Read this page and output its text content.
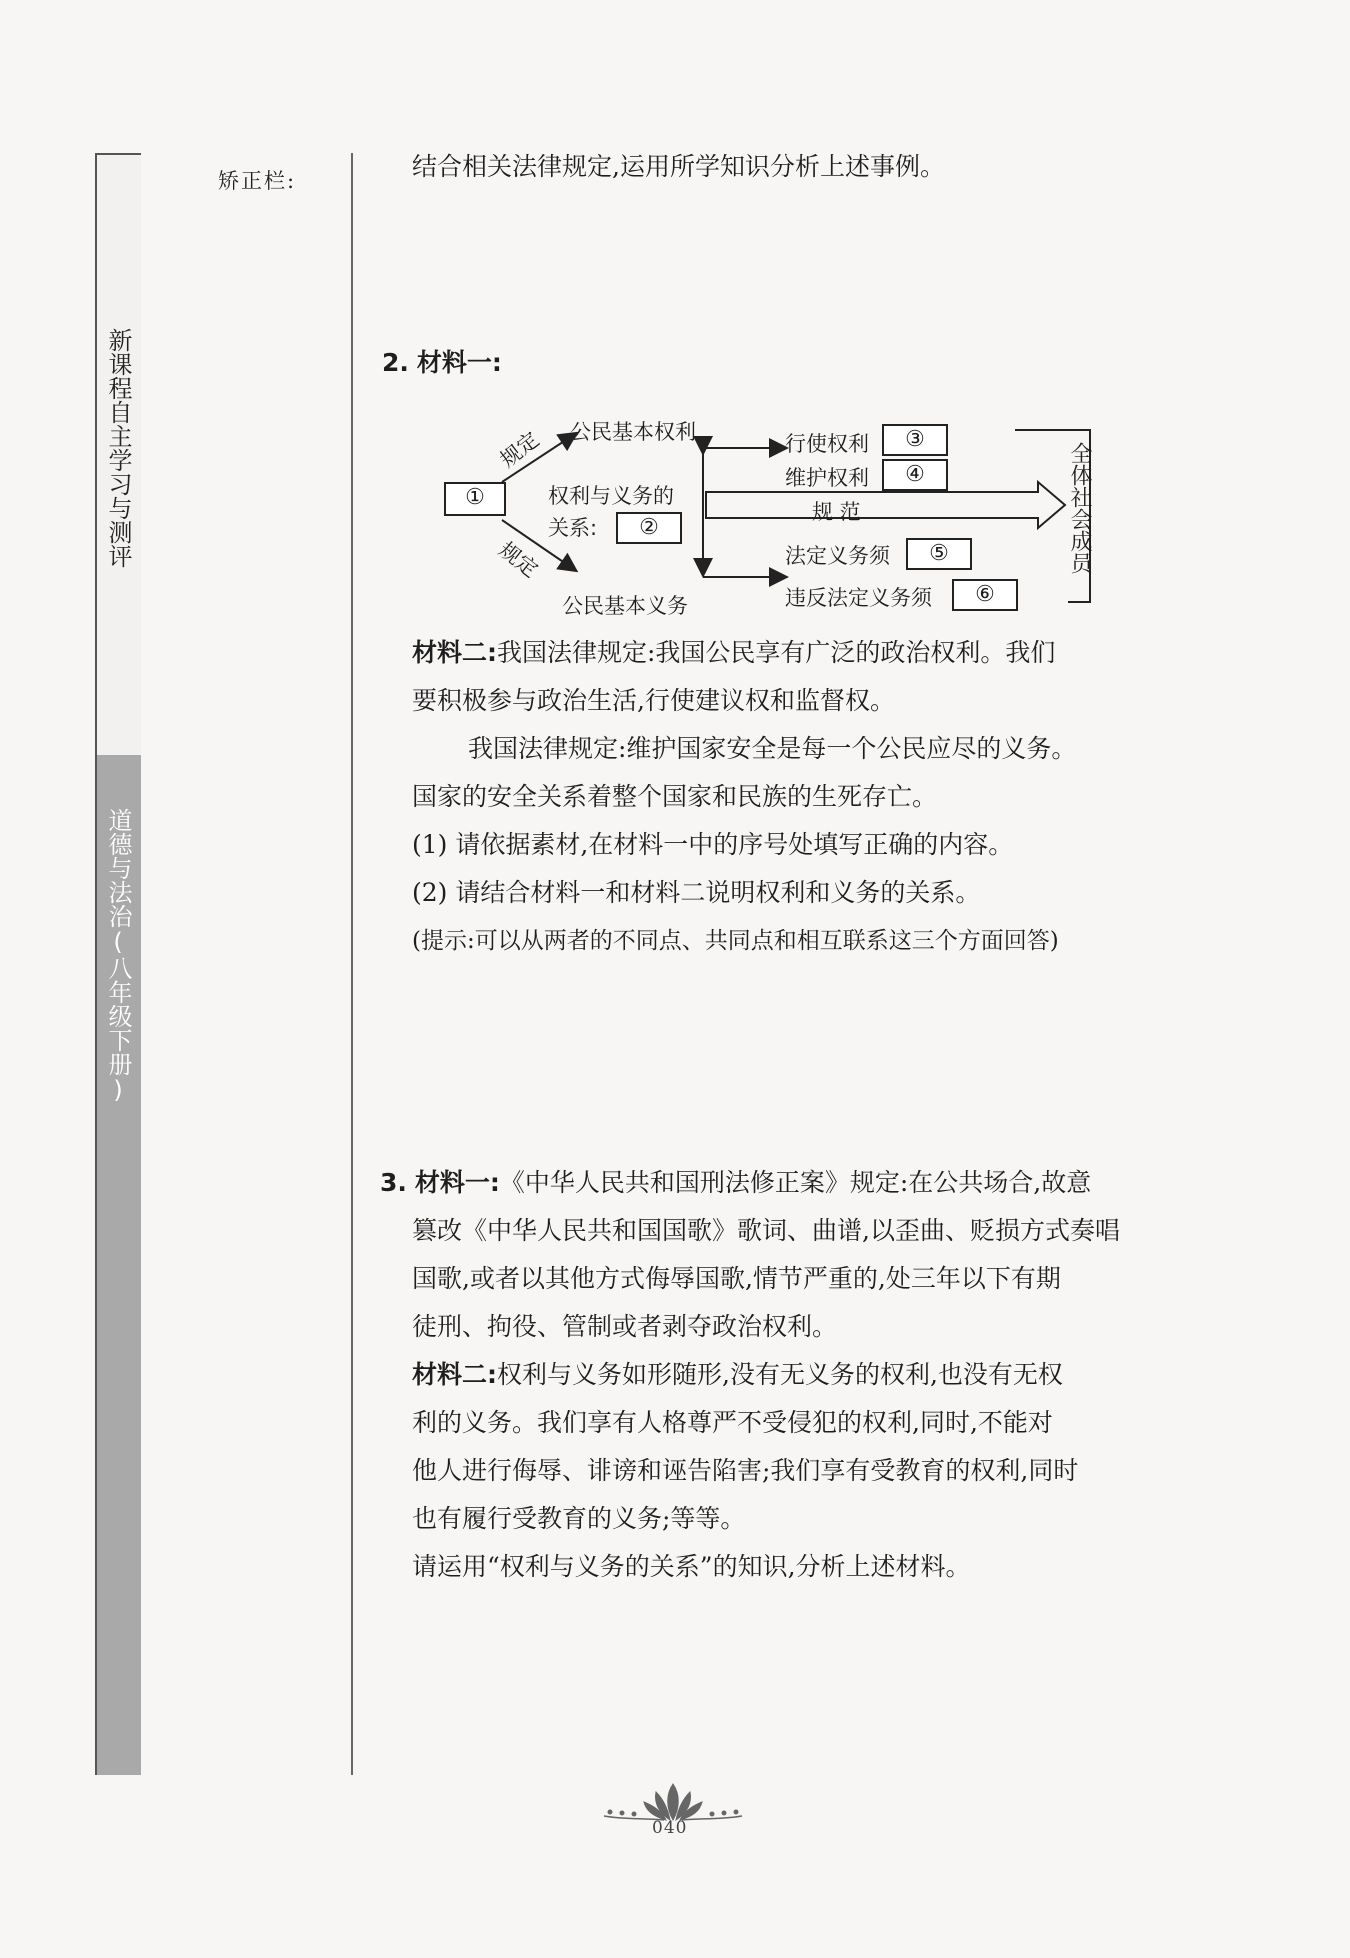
新课程自主学习与测评
道德与法治(八年级下册)
矫正栏:	结合相关法律规定,运用所学知识分析上述事例。
2. 材料一:
①
规定
规定
公民基本权利
公民基本义务
权利与义务的
关系:	②
行使权利	③
维护权利	④
规 范
法定义务须	⑤
违反法定义务须	⑥
全体社会成员
材料二:我国法律规定:我国公民享有广泛的政治权利。我们
要积极参与政治生活,行使建议权和监督权。
我国法律规定:维护国家安全是每一个公民应尽的义务。
国家的安全关系着整个国家和民族的生死存亡。
(1) 请依据素材,在材料一中的序号处填写正确的内容。
(2) 请结合材料一和材料二说明权利和义务的关系。
(提示:可以从两者的不同点、共同点和相互联系这三个方面回答)
3. 材料一:《中华人民共和国刑法修正案》规定:在公共场合,故意
篡改《中华人民共和国国歌》歌词、曲谱,以歪曲、贬损方式奏唱
国歌,或者以其他方式侮辱国歌,情节严重的,处三年以下有期
徒刑、拘役、管制或者剥夺政治权利。
材料二:权利与义务如形随形,没有无义务的权利,也没有无权
利的义务。我们享有人格尊严不受侵犯的权利,同时,不能对
他人进行侮辱、诽谤和诬告陷害;我们享有受教育的权利,同时
也有履行受教育的义务;等等。
请运用“权利与义务的关系”的知识,分析上述材料。
040
